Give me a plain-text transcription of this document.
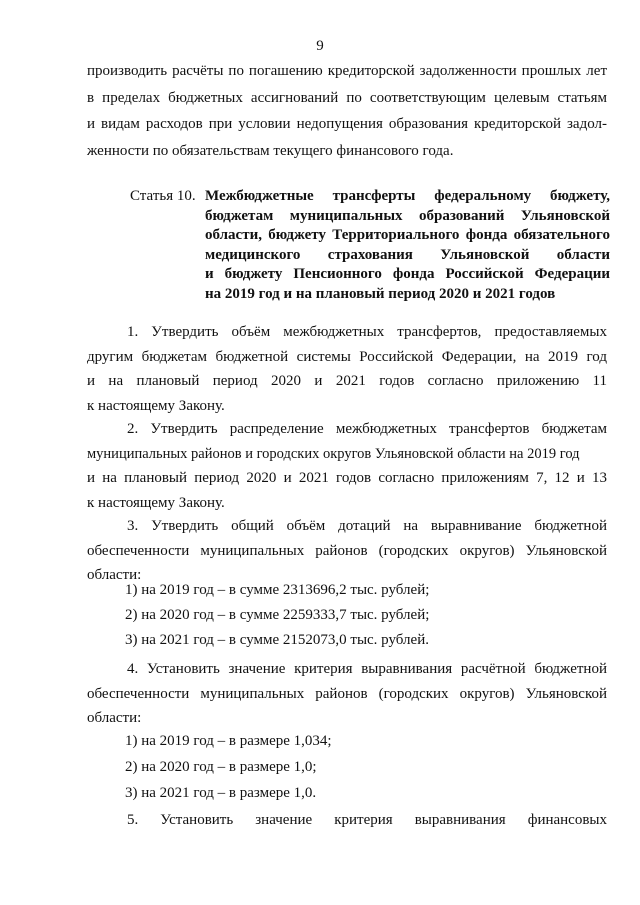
9
производить расчёты по погашению кредиторской задолженности прошлых лет
в пределах бюджетных ассигнований по соответствующим целевым статьям
и видам расходов при условии недопущения образования кредиторской задол-
женности по обязательствам текущего финансового года.
Статья 10. Межбюджетные трансферты федеральному бюджету,
бюджетам муниципальных образований Ульяновской
области, бюджету Территориального фонда обязательного
медицинского страхования Ульяновской области
и бюджету Пенсионного фонда Российской Федерации
на 2019 год и на плановый период 2020 и 2021 годов
1. Утвердить объём межбюджетных трансфертов, предоставляемых
другим бюджетам бюджетной системы Российской Федерации, на 2019 год
и на плановый период 2020 и 2021 годов согласно приложению 11
к настоящему Закону.
2. Утвердить распределение межбюджетных трансфертов бюджетам
муниципальных районов и городских округов Ульяновской области на 2019 год
и на плановый период 2020 и 2021 годов согласно приложениям 7, 12 и 13
к настоящему Закону.
3. Утвердить общий объём дотаций на выравнивание бюджетной
обеспеченности муниципальных районов (городских округов) Ульяновской
области:
1) на 2019 год – в сумме 2313696,2 тыс. рублей;
2) на 2020 год – в сумме 2259333,7 тыс. рублей;
3) на 2021 год – в сумме 2152073,0 тыс. рублей.
4. Установить значение критерия выравнивания расчётной бюджетной
обеспеченности муниципальных районов (городских округов) Ульяновской
области:
1) на 2019 год – в размере 1,034;
2) на 2020 год – в размере 1,0;
3) на 2021 год – в размере 1,0.
5. Установить значение критерия выравнивания финансовых
